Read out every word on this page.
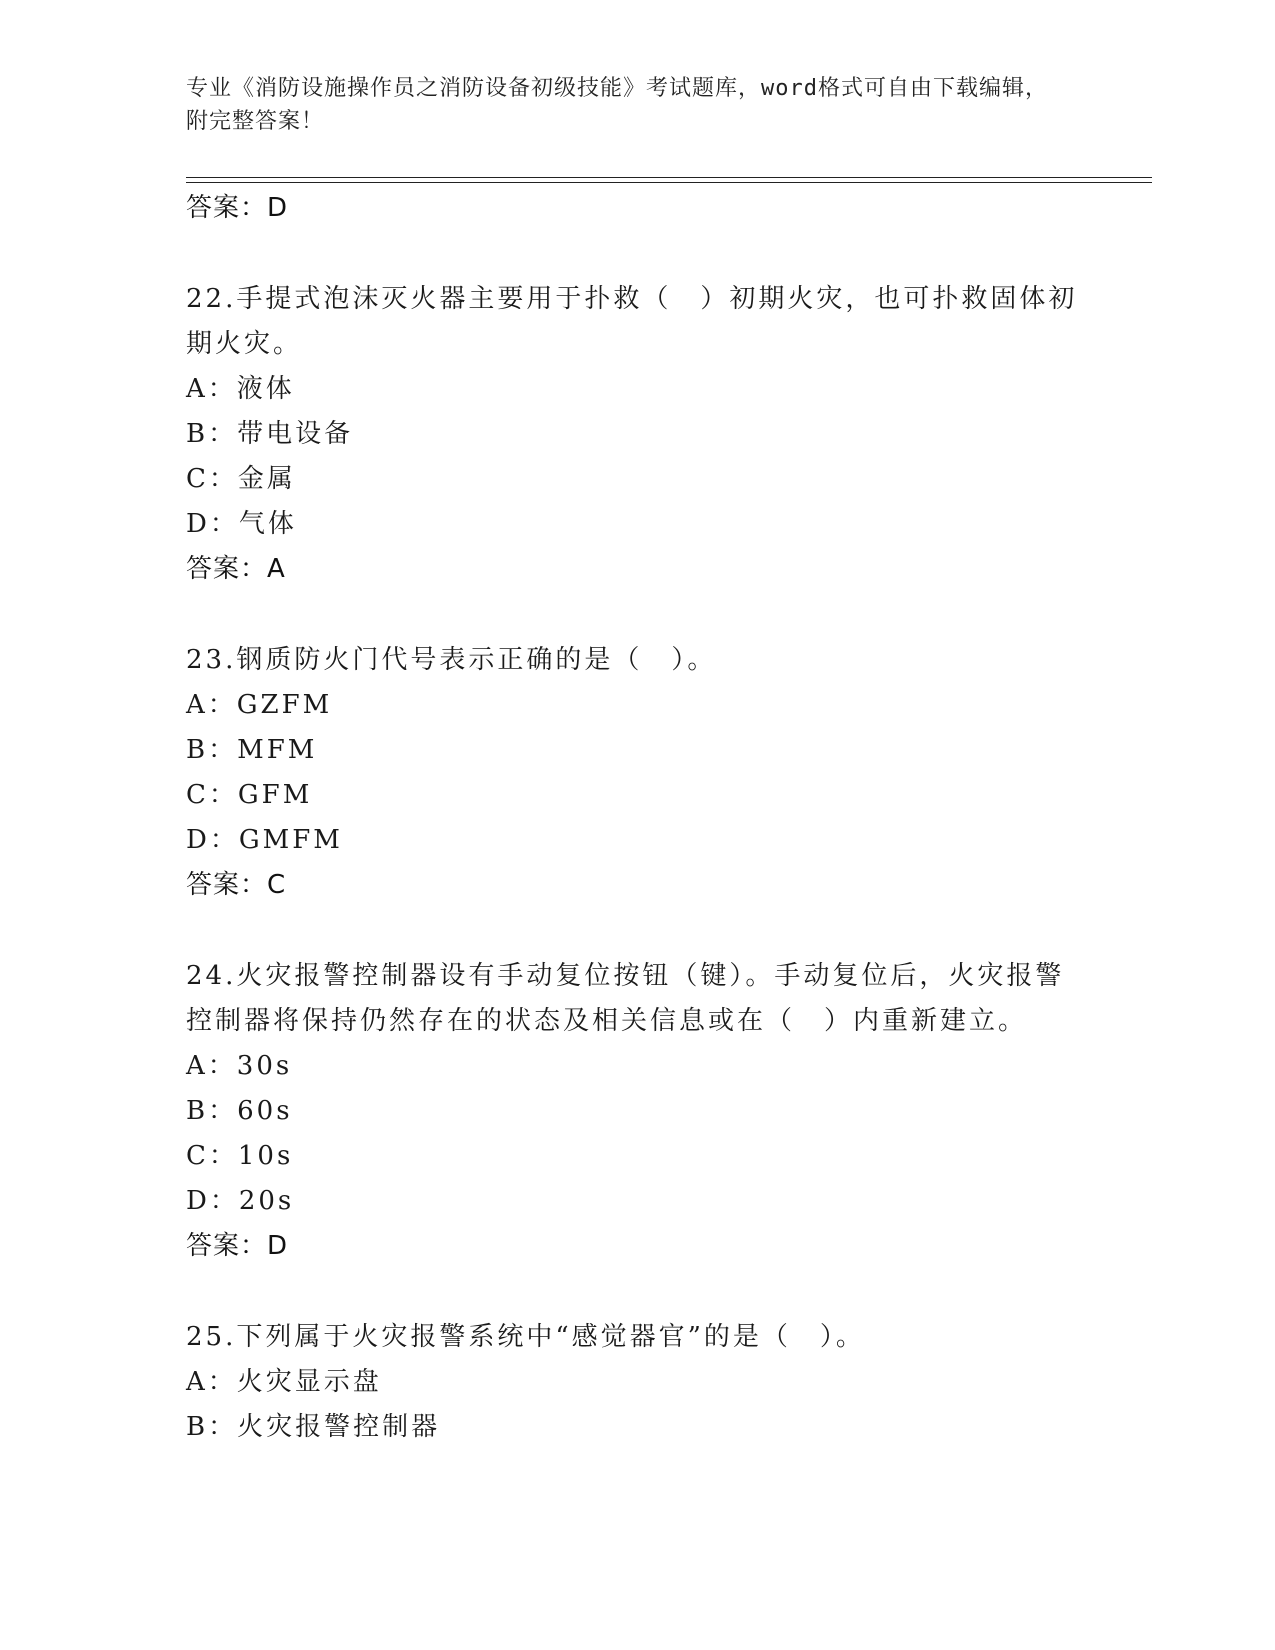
专业《消防设施操作员之消防设备初级技能》考试题库，word格式可自由下载编辑，附完整答案！

答案：D

22.手提式泡沫灭火器主要用于扑救（　）初期火灾，也可扑救固体初

期火灾。

A：液体

B：带电设备

C：金属

D：气体

答案：A

23.钢质防火门代号表示正确的是（　）。

A：GZFM

B：MFM

C：GFM

D：GMFM

答案：C

24.火灾报警控制器设有手动复位按钮（键）。手动复位后，火灾报警

控制器将保持仍然存在的状态及相关信息或在（　）内重新建立。

A：30s

B：60s

C：10s

D：20s

答案：D

25.下列属于火灾报警系统中“感觉器官”的是（　）。

A：火灾显示盘

B：火灾报警控制器
